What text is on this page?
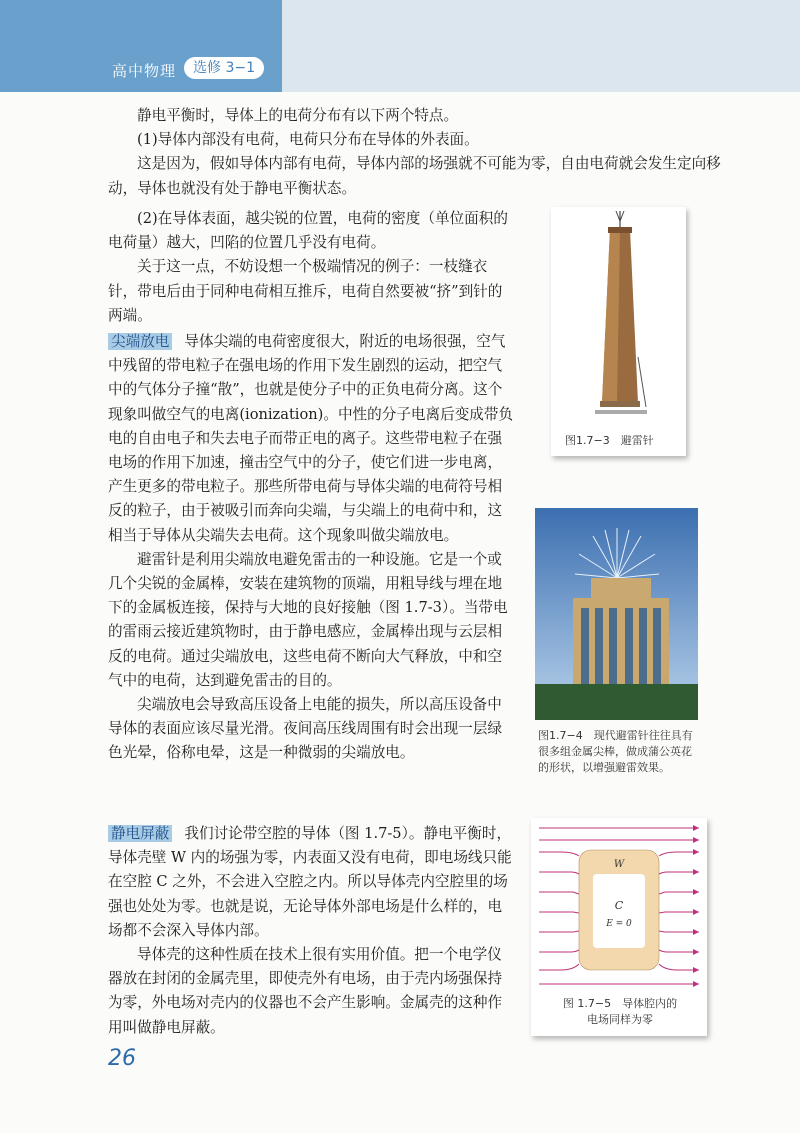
高中物理	选修 3−1

静电平衡时，导体上的电荷分布有以下两个特点。

(1)导体内部没有电荷，电荷只分布在导体的外表面。

这是因为，假如导体内部有电荷，导体内部的场强就不可能为零，自由电荷就会发生定向移动，导体也就没有处于静电平衡状态。

(2)在导体表面，越尖锐的位置，电荷的密度（单位面积的电荷量）越大，凹陷的位置几乎没有电荷。

关于这一点，不妨设想一个极端情况的例子：一枝缝衣针，带电后由于同种电荷相互推斥，电荷自然要被“挤”到针的两端。

尖端放电 导体尖端的电荷密度很大，附近的电场很强，空气中残留的带电粒子在强电场的作用下发生剧烈的运动，把空气中的气体分子撞“散”，也就是使分子中的正负电荷分离。这个现象叫做空气的电离(ionization)。中性的分子电离后变成带负电的自由电子和失去电子而带正电的离子。这些带电粒子在强电场的作用下加速，撞击空气中的分子，使它们进一步电离，产生更多的带电粒子。那些所带电荷与导体尖端的电荷符号相反的粒子，由于被吸引而奔向尖端，与尖端上的电荷中和，这相当于导体从尖端失去电荷。这个现象叫做尖端放电。

避雷针是利用尖端放电避免雷击的一种设施。它是一个或几个尖锐的金属棒，安装在建筑物的顶端，用粗导线与埋在地下的金属板连接，保持与大地的良好接触（图 1.7-3）。当带电的雷雨云接近建筑物时，由于静电感应，金属棒出现与云层相反的电荷。通过尖端放电，这些电荷不断向大气释放，中和空气中的电荷，达到避免雷击的目的。

尖端放电会导致高压设备上电能的损失，所以高压设备中导体的表面应该尽量光滑。夜间高压线周围有时会出现一层绿色光晕，俗称电晕，这是一种微弱的尖端放电。

静电屏蔽 我们讨论带空腔的导体（图 1.7-5）。静电平衡时，导体壳壁 W 内的场强为零，内表面又没有电荷，即电场线只能在空腔 C 之外，不会进入空腔之内。所以导体壳内空腔里的场强也处处为零。也就是说，无论导体外部电场是什么样的，电场都不会深入导体内部。

导体壳的这种性质在技术上很有实用价值。把一个电学仪器放在封闭的金属壳里，即使壳外有电场，由于壳内场强保持为零，外电场对壳内的仪器也不会产生影响。金属壳的这种作用叫做静电屏蔽。

图1.7−3　避雷针
图1.7−4　现代避雷针往往具有很多组金属尖棒，做成蒲公英花的形状，以增强避雷效果。
W
C
E = 0
图 1.7−5　导体腔内的电场同样为零
26
